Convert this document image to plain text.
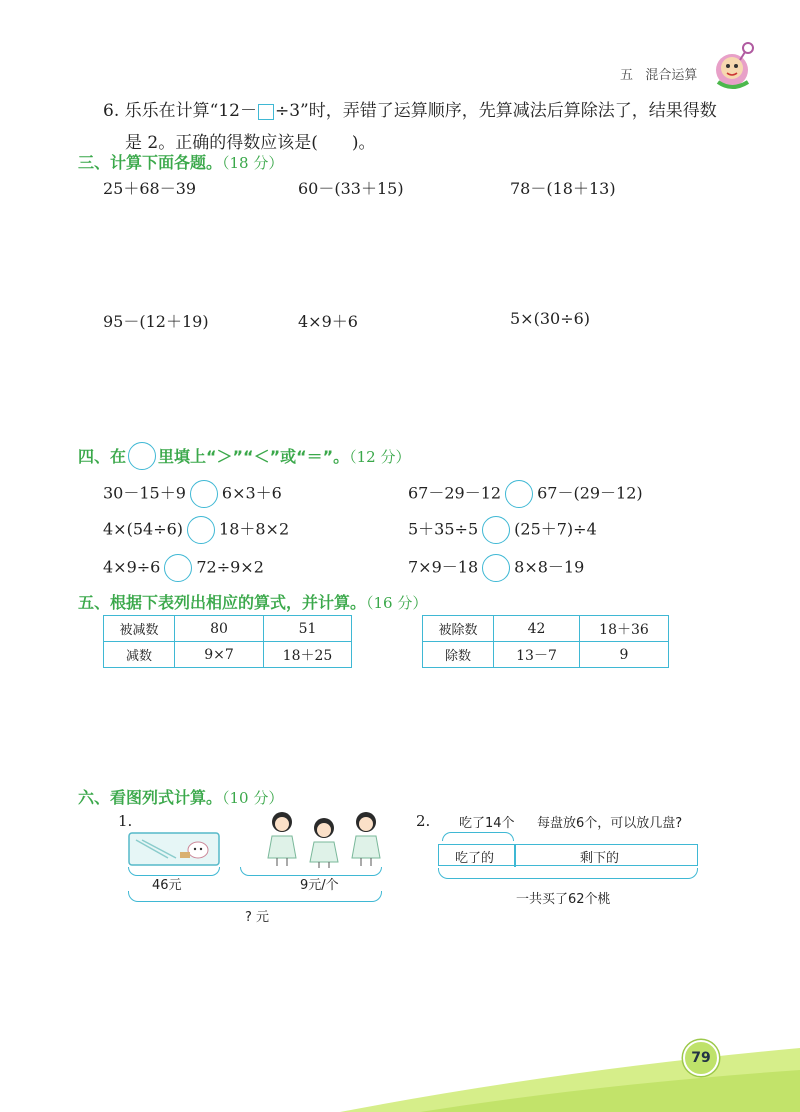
五 混合运算
6. 乐乐在计算“12－ ÷3”时，弄错了运算顺序，先算减法后算除法了，结果得数
是 2。正确的得数应该是(　　)。
三、计算下面各题。（18 分）
25＋68－39	60－(33＋15)	78－(18＋13)
95－(12＋19)	4×9＋6	5×(30÷6)
四、在 里填上“＞”“＜”或“＝”。（12 分）
30－15＋9 6×3＋6	67－29－12 67－(29－12)
4×(54÷6) 18＋8×2	5＋35÷5 (25＋7)÷4
4×9÷6 72÷9×2	7×9－18 8×8－19
五、根据下表列出相应的算式，并计算。（16 分）
被减数	80	51
减数	9×7	18＋25
被除数	42	18＋36
除数	13－7	9
六、看图列式计算。（10 分）
1.
46元	9元/个
? 元
2. 吃了14个 每盘放6个，可以放几盘?
吃了的	剩下的
一共买了62个桃
79
